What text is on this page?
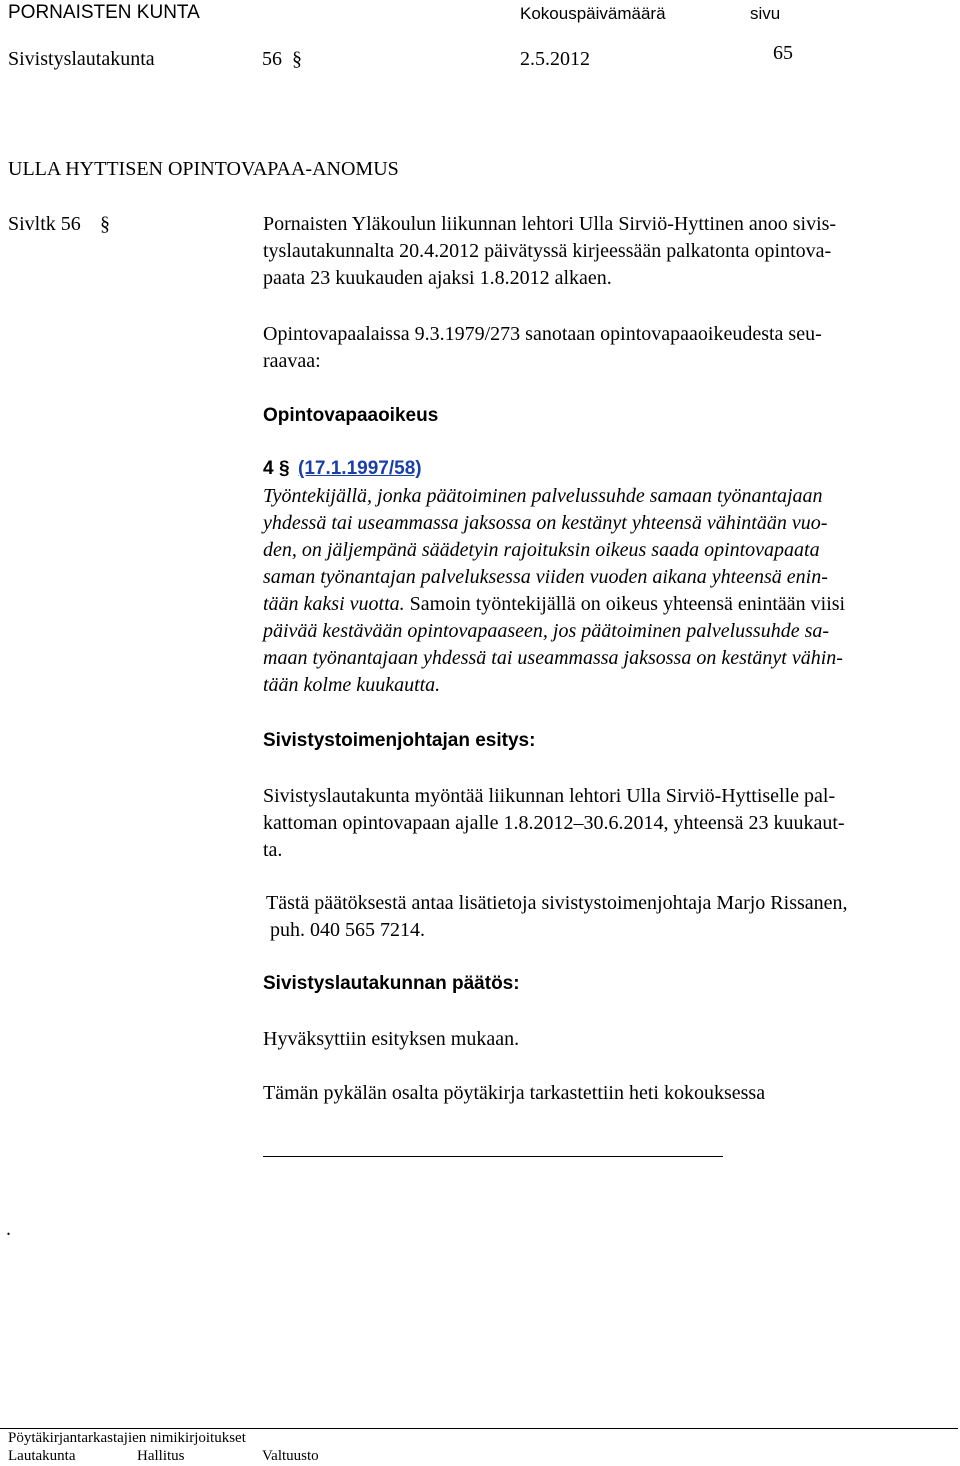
PORNAISTEN KUNTA	Kokouspäivämäärä	sivu
Sivistyslautakunta	56 §	2.5.2012	65
ULLA HYTTISEN OPINTOVAPAA-ANOMUS
Sivltk 56 §	Pornaisten Yläkoulun liikunnan lehtori Ulla Sirviö-Hyttinen anoo sivis-
tyslautakunnalta 20.4.2012 päivätyssä kirjeessään palkatonta opintova-
paata 23 kuukauden ajaksi 1.8.2012 alkaen.
Opintovapaalaissa 9.3.1979/273 sanotaan opintovapaaoikeudesta seu-
raavaa:
Opintovapaaoikeus
4 § (17.1.1997/58)
Työntekijällä, jonka päätoiminen palvelussuhde samaan työnantajaan
yhdessä tai useammassa jaksossa on kestänyt yhteensä vähintään vuo-
den, on jäljempänä säädetyin rajoituksin oikeus saada opintovapaata
saman työnantajan palveluksessa viiden vuoden aikana yhteensä enin-
tään kaksi vuotta. Samoin työntekijällä on oikeus yhteensä enintään viisi
päivää kestävään opintovapaaseen, jos päätoiminen palvelussuhde sa-
maan työnantajaan yhdessä tai useammassa jaksossa on kestänyt vähin-
tään kolme kuukautta.
Sivistystoimenjohtajan esitys:
Sivistyslautakunta myöntää liikunnan lehtori Ulla Sirviö-Hyttiselle pal-
kattoman opintovapaan ajalle 1.8.2012–30.6.2014, yhteensä 23 kuukaut-
ta.
Tästä päätöksestä antaa lisätietoja sivistystoimenjohtaja Marjo Rissanen,
puh. 040 565 7214.
Sivistyslautakunnan päätös:
Hyväksyttiin esityksen mukaan.
Tämän pykälän osalta pöytäkirja tarkastettiin heti kokouksessa
.
Pöytäkirjantarkastajien nimikirjoitukset
Lautakunta	Hallitus	Valtuusto
